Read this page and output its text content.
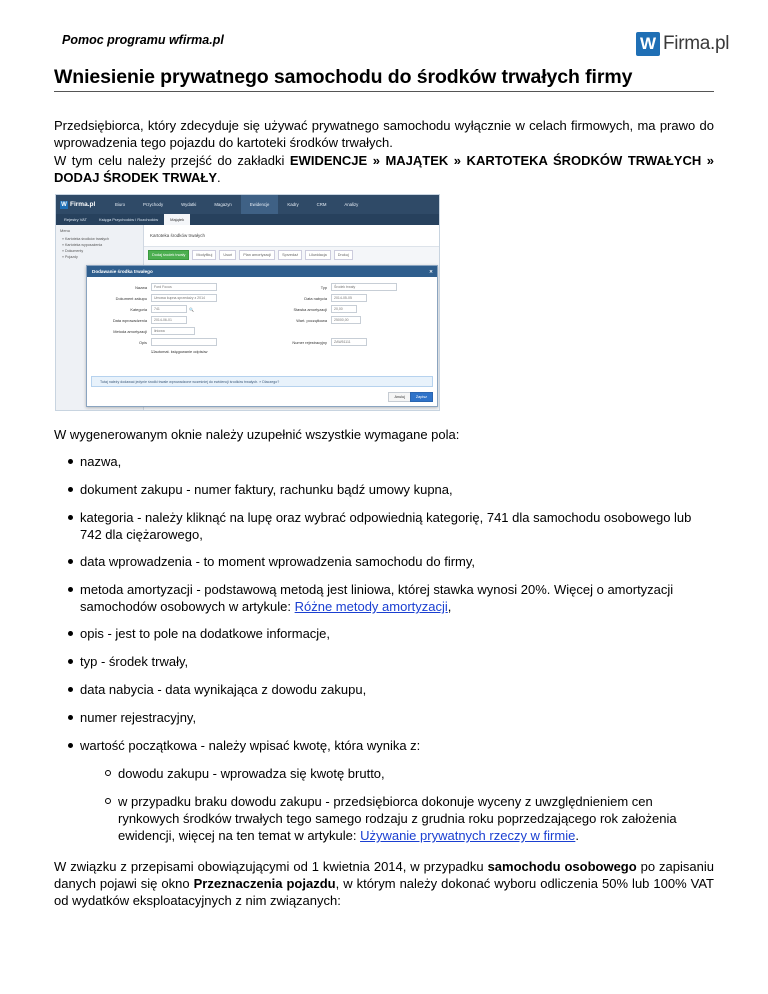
Pomoc programu wfirma.pl	W Firma.pl
Wniesienie prywatnego samochodu do środków trwałych firmy
Przedsiębiorca, który zdecyduje się używać prywatnego samochodu wyłącznie w celach firmowych, ma prawo do wprowadzenia tego pojazdu do kartoteki środków trwałych.
W tym celu należy przejść do zakładki EWIDENCJE » MAJĄTEK » KARTOTEKA ŚRODKÓW TRWAŁYCH » DODAJ ŚRODEK TRWAŁY.
W Firma.pl	Biuro	Przychody	Wydatki	Magazyn	Ewidencje	Kadry	CRM	Analizy
Rejestry VAT	Księga Przychodów i Rozchodów	Majątek
Menu
» Kartoteka środków trwałych
» Kartoteka wyposażenia
» Dokumenty
» Pojazdy
Kartoteka środków trwałych
Dodaj środek trwały	Modyfikuj	Usuń	Plan amortyzacji	Sprzedaż	Likwidacja	Drukuj
Dodawanie środka trwałego	✕
Nazwa	Ford Focus
Dokument zakupu	Umowa kupna-sprzedaży z 2014
Kategoria	741	🔍
Data wprowadzenia	2014-06-01
Metoda amortyzacji	liniowa
Opis
☑ automat. księgowanie odpisów
Typ	Środek trwały
Data nabycia	2014-05-05
Stawka amortyzacji	20,00
Wart. początkowa	25000,00
Numer rejestracyjny	ZAW51111
Tutaj należy dodawać jedynie środki trwałe wprowadzone wcześniej do ewidencji środków trwałych. » Dlaczego?
Anuluj	Zapisz
W wygenerowanym oknie należy uzupełnić wszystkie wymagane pola:
nazwa,
dokument zakupu - numer faktury, rachunku bądź umowy kupna,
kategoria - należy kliknąć na lupę oraz wybrać odpowiednią kategorię, 741 dla samochodu osobowego lub 742 dla ciężarowego,
data wprowadzenia - to moment wprowadzenia samochodu do firmy,
metoda amortyzacji - podstawową metodą jest liniowa, której stawka wynosi 20%. Więcej o amortyzacji samochodów osobowych w artykule: Różne metody amortyzacji,
opis - jest to pole na dodatkowe informacje,
typ - środek trwały,
data nabycia - data wynikająca z dowodu zakupu,
numer rejestracyjny,
wartość początkowa - należy wpisać kwotę, która wynika z:
dowodu zakupu - wprowadza się kwotę brutto,
w przypadku braku dowodu zakupu - przedsiębiorca dokonuje wyceny z uwzględnieniem cen rynkowych środków trwałych tego samego rodzaju z grudnia roku poprzedzającego rok założenia ewidencji, więcej na ten temat w artykule: Używanie prywatnych rzeczy w firmie.
W związku z przepisami obowiązującymi od 1 kwietnia 2014, w przypadku samochodu osobowego po zapisaniu danych pojawi się okno Przeznaczenia pojazdu, w którym należy dokonać wyboru odliczenia 50% lub 100% VAT od wydatków eksploatacyjnych z nim związanych:
